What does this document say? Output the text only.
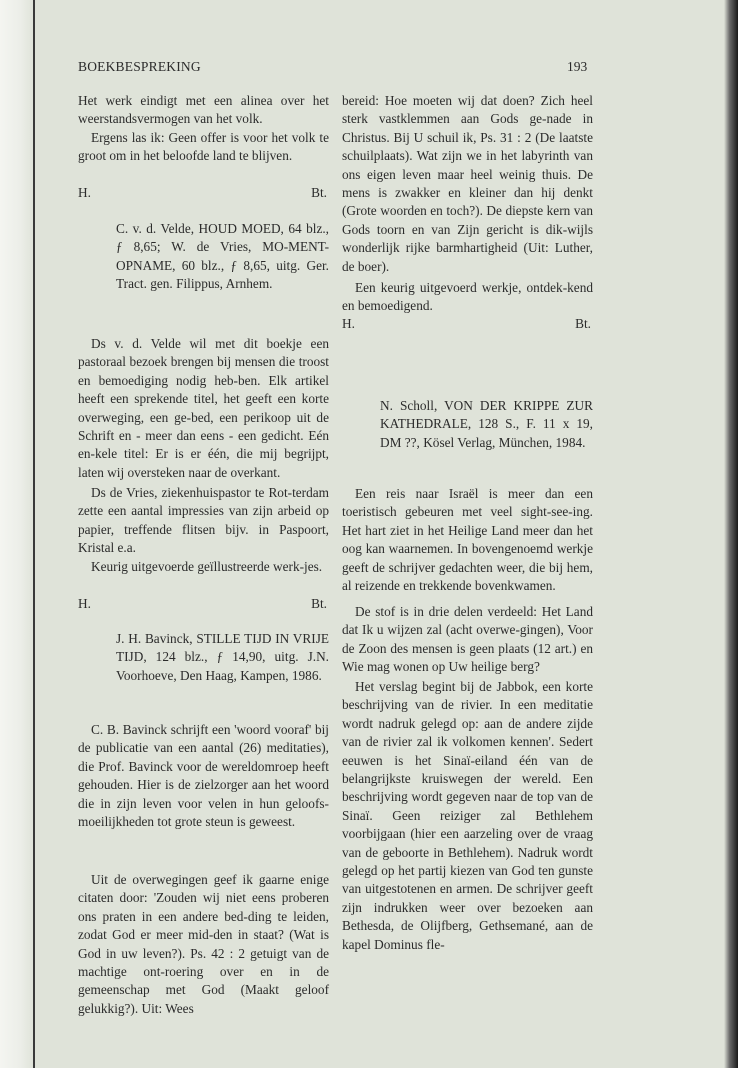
BOEKBESPREKING	193

Het werk eindigt met een alinea over het weerstandsvermogen van het volk.

Ergens las ik: Geen offer is voor het volk te groot om in het beloofde land te blijven.

H.	Bt.

C. v. d. Velde, HOUD MOED, 64 blz., ƒ 8,65; W. de Vries, MO-MENT-OPNAME, 60 blz., ƒ 8,65, uitg. Ger. Tract. gen. Filippus, Arnhem.

Ds v. d. Velde wil met dit boekje een pastoraal bezoek brengen bij mensen die troost en bemoediging nodig heb-ben. Elk artikel heeft een sprekende titel, het geeft een korte overweging, een ge-bed, een perikoop uit de Schrift en - meer dan eens - een gedicht. Eén en-kele titel: Er is er één, die mij begrijpt, laten wij oversteken naar de overkant.

Ds de Vries, ziekenhuispastor te Rot-terdam zette een aantal impressies van zijn arbeid op papier, treffende flitsen bijv. in Paspoort, Kristal e.a.

Keurig uitgevoerde geïllustreerde werk-jes.

H.	Bt.

J. H. Bavinck, STILLE TIJD IN VRIJE TIJD, 124 blz., ƒ 14,90, uitg. J.N. Voorhoeve, Den Haag, Kampen, 1986.

C. B. Bavinck schrijft een 'woord vooraf' bij de publicatie van een aantal (26) meditaties), die Prof. Bavinck voor de wereldomroep heeft gehouden. Hier is de zielzorger aan het woord die in zijn leven voor velen in hun geloofs-moeilijkheden tot grote steun is geweest.

Uit de overwegingen geef ik gaarne enige citaten door: 'Zouden wij niet eens proberen ons praten in een andere bed-ding te leiden, zodat God er meer mid-den in staat? (Wat is God in uw leven?). Ps. 42 : 2 getuigt van de machtige ont-roering over en in de gemeenschap met God (Maakt geloof gelukkig?). Uit: Wees

bereid: Hoe moeten wij dat doen? Zich heel sterk vastklemmen aan Gods ge-nade in Christus. Bij U schuil ik, Ps. 31 : 2 (De laatste schuilplaats). Wat zijn we in het labyrinth van ons eigen leven maar heel weinig thuis. De mens is zwakker en kleiner dan hij denkt (Grote woorden en toch?). De diepste kern van Gods toorn en van Zijn gericht is dik-wijls wonderlijk rijke barmhartigheid (Uit: Luther, de boer).

Een keurig uitgevoerd werkje, ontdek-kend en bemoedigend.

H.	Bt.

N. Scholl, VON DER KRIPPE ZUR KATHEDRALE, 128 S., F. 11 x 19, DM ??, Kösel Verlag, München, 1984.

Een reis naar Israël is meer dan een toeristisch gebeuren met veel sight-see-ing. Het hart ziet in het Heilige Land meer dan het oog kan waarnemen. In bovengenoemd werkje geeft de schrijver gedachten weer, die bij hem, al reizende en trekkende bovenkwamen.

De stof is in drie delen verdeeld: Het Land dat Ik u wijzen zal (acht overwe-gingen), Voor de Zoon des mensen is geen plaats (12 art.) en Wie mag wonen op Uw heilige berg?

Het verslag begint bij de Jabbok, een korte beschrijving van de rivier. In een meditatie wordt nadruk gelegd op: aan de andere zijde van de rivier zal ik volkomen kennen'. Sedert eeuwen is het Sinaï-eiland één van de belangrijkste kruiswegen der wereld. Een beschrijving wordt gegeven naar de top van de Sinaï. Geen reiziger zal Bethlehem voorbijgaan (hier een aarzeling over de vraag van de geboorte in Bethlehem). Nadruk wordt gelegd op het partij kiezen van God ten gunste van uitgestotenen en armen. De schrijver geeft zijn indrukken weer over bezoeken aan Bethesda, de Olijfberg, Gethsemané, aan de kapel Dominus fle-
